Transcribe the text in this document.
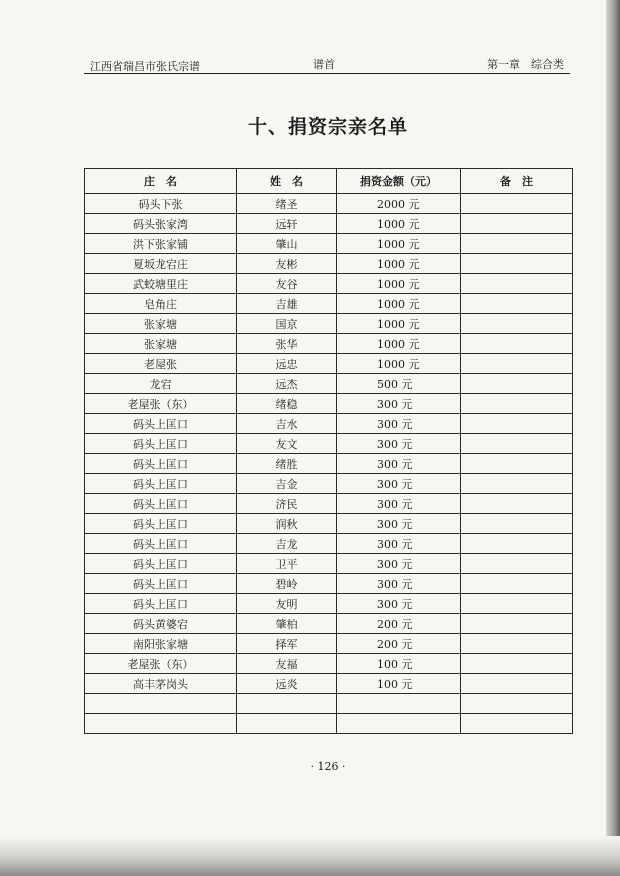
江西省瑞昌市张氏宗谱	谱首	第一章　综合类
十、捐资宗亲名单
庄　名	姓　名	捐资金额（元）	备　注
码头下张	绪圣	2000 元	
码头张家湾	远轩	1000 元	
洪下张家铺	肇山	1000 元	
夏坂龙宕庄	友彬	1000 元	
武蛟塘里庄	友谷	1000 元	
皂角庄	吉雄	1000 元	
张家塘	国京	1000 元	
张家塘	张华	1000 元	
老屋张	远忠	1000 元	
龙宕	远杰	500 元	
老屋张（东）	绪稳	300 元	
码头上匡口	吉水	300 元	
码头上匡口	友文	300 元	
码头上匡口	绪胜	300 元	
码头上匡口	吉金	300 元	
码头上匡口	济民	300 元	
码头上匡口	润秋	300 元	
码头上匡口	吉龙	300 元	
码头上匡口	卫平	300 元	
码头上匡口	碧岭	300 元	
码头上匡口	友明	300 元	
码头黄婆宕	肇柏	200 元	
南阳张家塘	择军	200 元	
老屋张（东）	友福	100 元	
高丰茅岗头	远炎	100 元	

· 126 ·
